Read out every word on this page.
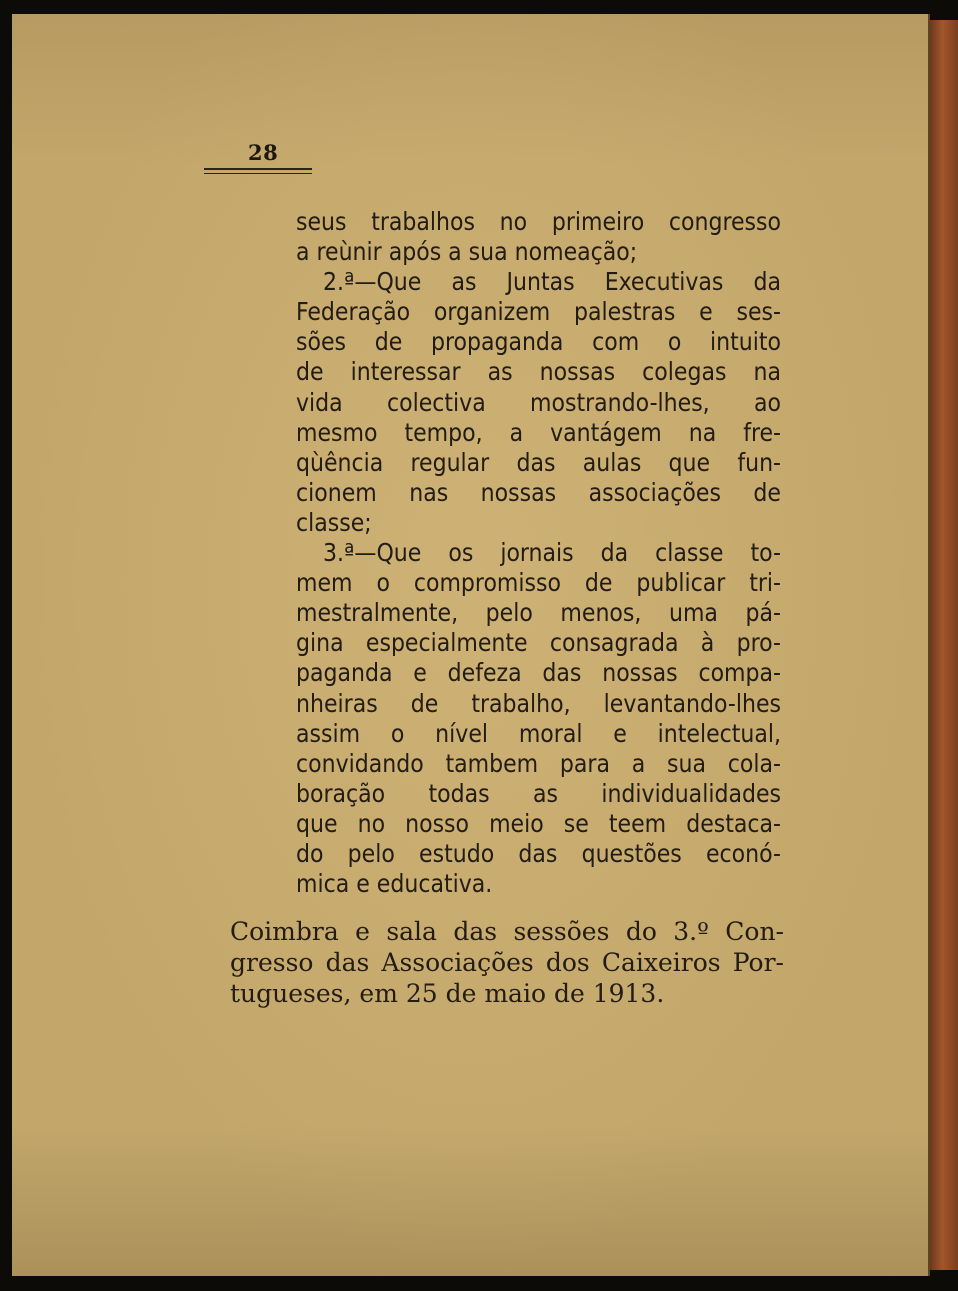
28
seus trabalhos no primeiro congresso
a reùnir após a sua nomeação;
2.ª—Que as Juntas Executivas da
Federação organizem palestras e ses-
sões de propaganda com o intuito
de interessar as nossas colegas na
vida colectiva mostrando-lhes, ao
mesmo tempo, a vantágem na fre-
qùência regular das aulas que fun-
cionem nas nossas associações de
classe;
3.ª—Que os jornais da classe to-
mem o compromisso de publicar tri-
mestralmente, pelo menos, uma pá-
gina especialmente consagrada à pro-
paganda e defeza das nossas compa-
nheiras de trabalho, levantando-lhes
assim o nível moral e intelectual,
convidando tambem para a sua cola-
boração todas as individualidades
que no nosso meio se teem destaca-
do pelo estudo das questões econó-
mica e educativa.
Coimbra e sala das sessões do 3.º Con-
gresso das Associações dos Caixeiros Por-
tugueses, em 25 de maio de 1913.
